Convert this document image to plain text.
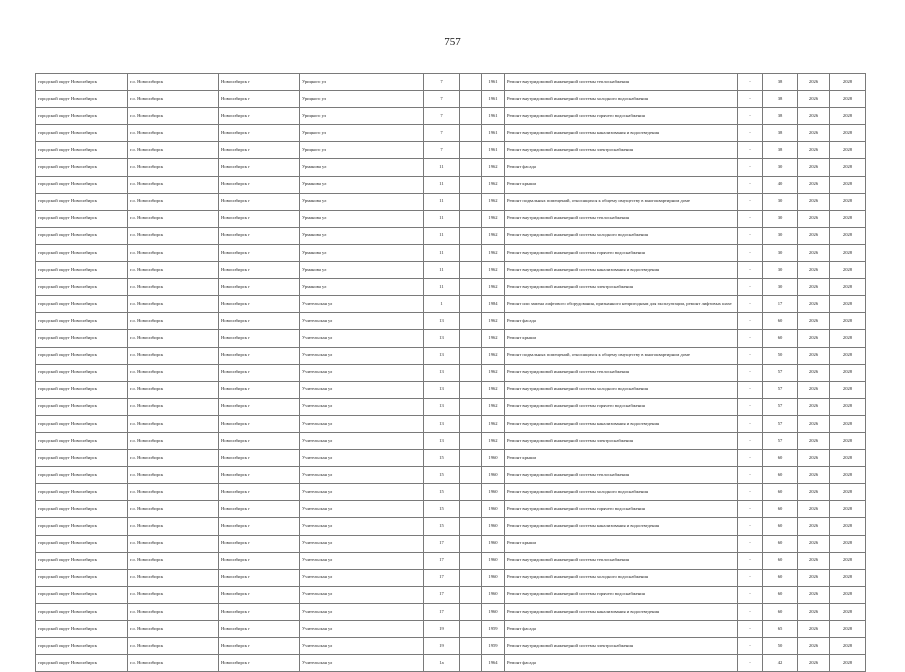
757
городской округ Новосибирск	г.о. Новосибирск	Новосибирск г	Урицкого ул	7		1961	Ремонт внутридомовой инженерной системы теплоснабжения	-	38	2026	2028
городской округ Новосибирск	г.о. Новосибирск	Новосибирск г	Урицкого ул	7		1961	Ремонт внутридомовой инженерной системы холодного водоснабжения	-	38	2026	2028
городской округ Новосибирск	г.о. Новосибирск	Новосибирск г	Урицкого ул	7		1961	Ремонт внутридомовой инженерной системы горячего водоснабжения	-	38	2026	2028
городской округ Новосибирск	г.о. Новосибирск	Новосибирск г	Урицкого ул	7		1961	Ремонт внутридомовой инженерной системы канализования и водоотведения	-	38	2026	2028
городской округ Новосибирск	г.о. Новосибирск	Новосибирск г	Урицкого ул	7		1961	Ремонт внутридомовой инженерной системы электроснабжения	-	38	2026	2028
городской округ Новосибирск	г.о. Новосибирск	Новосибирск г	Урманова ул	11		1962	Ремонт фасада	-	30	2026	2028
городской округ Новосибирск	г.о. Новосибирск	Новосибирск г	Урманова ул	11		1962	Ремонт крыши	-	40	2026	2028
городской округ Новосибирск	г.о. Новосибирск	Новосибирск г	Урманова ул	11		1962	Ремонт подвальных помещений, относящихся к общему имуществу в многоквартирном доме	-	30	2026	2028
городской округ Новосибирск	г.о. Новосибирск	Новосибирск г	Урманова ул	11		1962	Ремонт внутридомовой инженерной системы теплоснабжения	-	30	2026	2028
городской округ Новосибирск	г.о. Новосибирск	Новосибирск г	Урманова ул	11		1962	Ремонт внутридомовой инженерной системы холодного водоснабжения	-	30	2026	2028
городской округ Новосибирск	г.о. Новосибирск	Новосибирск г	Урманова ул	11		1962	Ремонт внутридомовой инженерной системы горячего водоснабжения	-	30	2026	2028
городской округ Новосибирск	г.о. Новосибирск	Новосибирск г	Урманова ул	11		1962	Ремонт внутридомовой инженерной системы канализования и водоотведения	-	30	2026	2028
городской округ Новосибирск	г.о. Новосибирск	Новосибирск г	Урманова ул	11		1962	Ремонт внутридомовой инженерной системы электроснабжения	-	30	2026	2028
городской округ Новосибирск	г.о. Новосибирск	Новосибирск г	Учительская ул	1		1984	Ремонт или замена лифтового оборудования, признанного непригодным для эксплуатации, ремонт лифтовых шахт	-	17	2026	2028
городской округ Новосибирск	г.о. Новосибирск	Новосибирск г	Учительская ул	13		1962	Ремонт фасада	-	60	2026	2028
городской округ Новосибирск	г.о. Новосибирск	Новосибирск г	Учительская ул	13		1962	Ремонт крыши	-	60	2026	2028
городской округ Новосибирск	г.о. Новосибирск	Новосибирск г	Учительская ул	13		1962	Ремонт подвальных помещений, относящихся к общему имуществу в многоквартирном доме	-	50	2026	2028
городской округ Новосибирск	г.о. Новосибирск	Новосибирск г	Учительская ул	13		1962	Ремонт внутридомовой инженерной системы теплоснабжения	-	57	2026	2028
городской округ Новосибирск	г.о. Новосибирск	Новосибирск г	Учительская ул	13		1962	Ремонт внутридомовой инженерной системы холодного водоснабжения	-	57	2026	2028
городской округ Новосибирск	г.о. Новосибирск	Новосибирск г	Учительская ул	13		1962	Ремонт внутридомовой инженерной системы горячего водоснабжения	-	57	2026	2028
городской округ Новосибирск	г.о. Новосибирск	Новосибирск г	Учительская ул	13		1962	Ремонт внутридомовой инженерной системы канализования и водоотведения	-	57	2026	2028
городской округ Новосибирск	г.о. Новосибирск	Новосибирск г	Учительская ул	13		1962	Ремонт внутридомовой инженерной системы электроснабжения	-	57	2026	2028
городской округ Новосибирск	г.о. Новосибирск	Новосибирск г	Учительская ул	15		1960	Ремонт крыши	-	60	2026	2028
городской округ Новосибирск	г.о. Новосибирск	Новосибирск г	Учительская ул	15		1960	Ремонт внутридомовой инженерной системы теплоснабжения	-	60	2026	2028
городской округ Новосибирск	г.о. Новосибирск	Новосибирск г	Учительская ул	15		1960	Ремонт внутридомовой инженерной системы холодного водоснабжения	-	60	2026	2028
городской округ Новосибирск	г.о. Новосибирск	Новосибирск г	Учительская ул	15		1960	Ремонт внутридомовой инженерной системы горячего водоснабжения	-	60	2026	2028
городской округ Новосибирск	г.о. Новосибирск	Новосибирск г	Учительская ул	15		1960	Ремонт внутридомовой инженерной системы канализования и водоотведения	-	60	2026	2028
городской округ Новосибирск	г.о. Новосибирск	Новосибирск г	Учительская ул	17		1960	Ремонт крыши	-	60	2026	2028
городской округ Новосибирск	г.о. Новосибирск	Новосибирск г	Учительская ул	17		1960	Ремонт внутридомовой инженерной системы теплоснабжения	-	60	2026	2028
городской округ Новосибирск	г.о. Новосибирск	Новосибирск г	Учительская ул	17		1960	Ремонт внутридомовой инженерной системы холодного водоснабжения	-	60	2026	2028
городской округ Новосибирск	г.о. Новосибирск	Новосибирск г	Учительская ул	17		1960	Ремонт внутридомовой инженерной системы горячего водоснабжения	-	60	2026	2028
городской округ Новосибирск	г.о. Новосибирск	Новосибирск г	Учительская ул	17		1960	Ремонт внутридомовой инженерной системы канализования и водоотведения	-	60	2026	2028
городской округ Новосибирск	г.о. Новосибирск	Новосибирск г	Учительская ул	19		1959	Ремонт фасада	-	65	2026	2028
городской округ Новосибирск	г.о. Новосибирск	Новосибирск г	Учительская ул	19		1959	Ремонт внутридомовой инженерной системы электроснабжения	-	50	2026	2028
городской округ Новосибирск	г.о. Новосибирск	Новосибирск г	Учительская ул	1а		1964	Ремонт фасада	-	42	2026	2028
